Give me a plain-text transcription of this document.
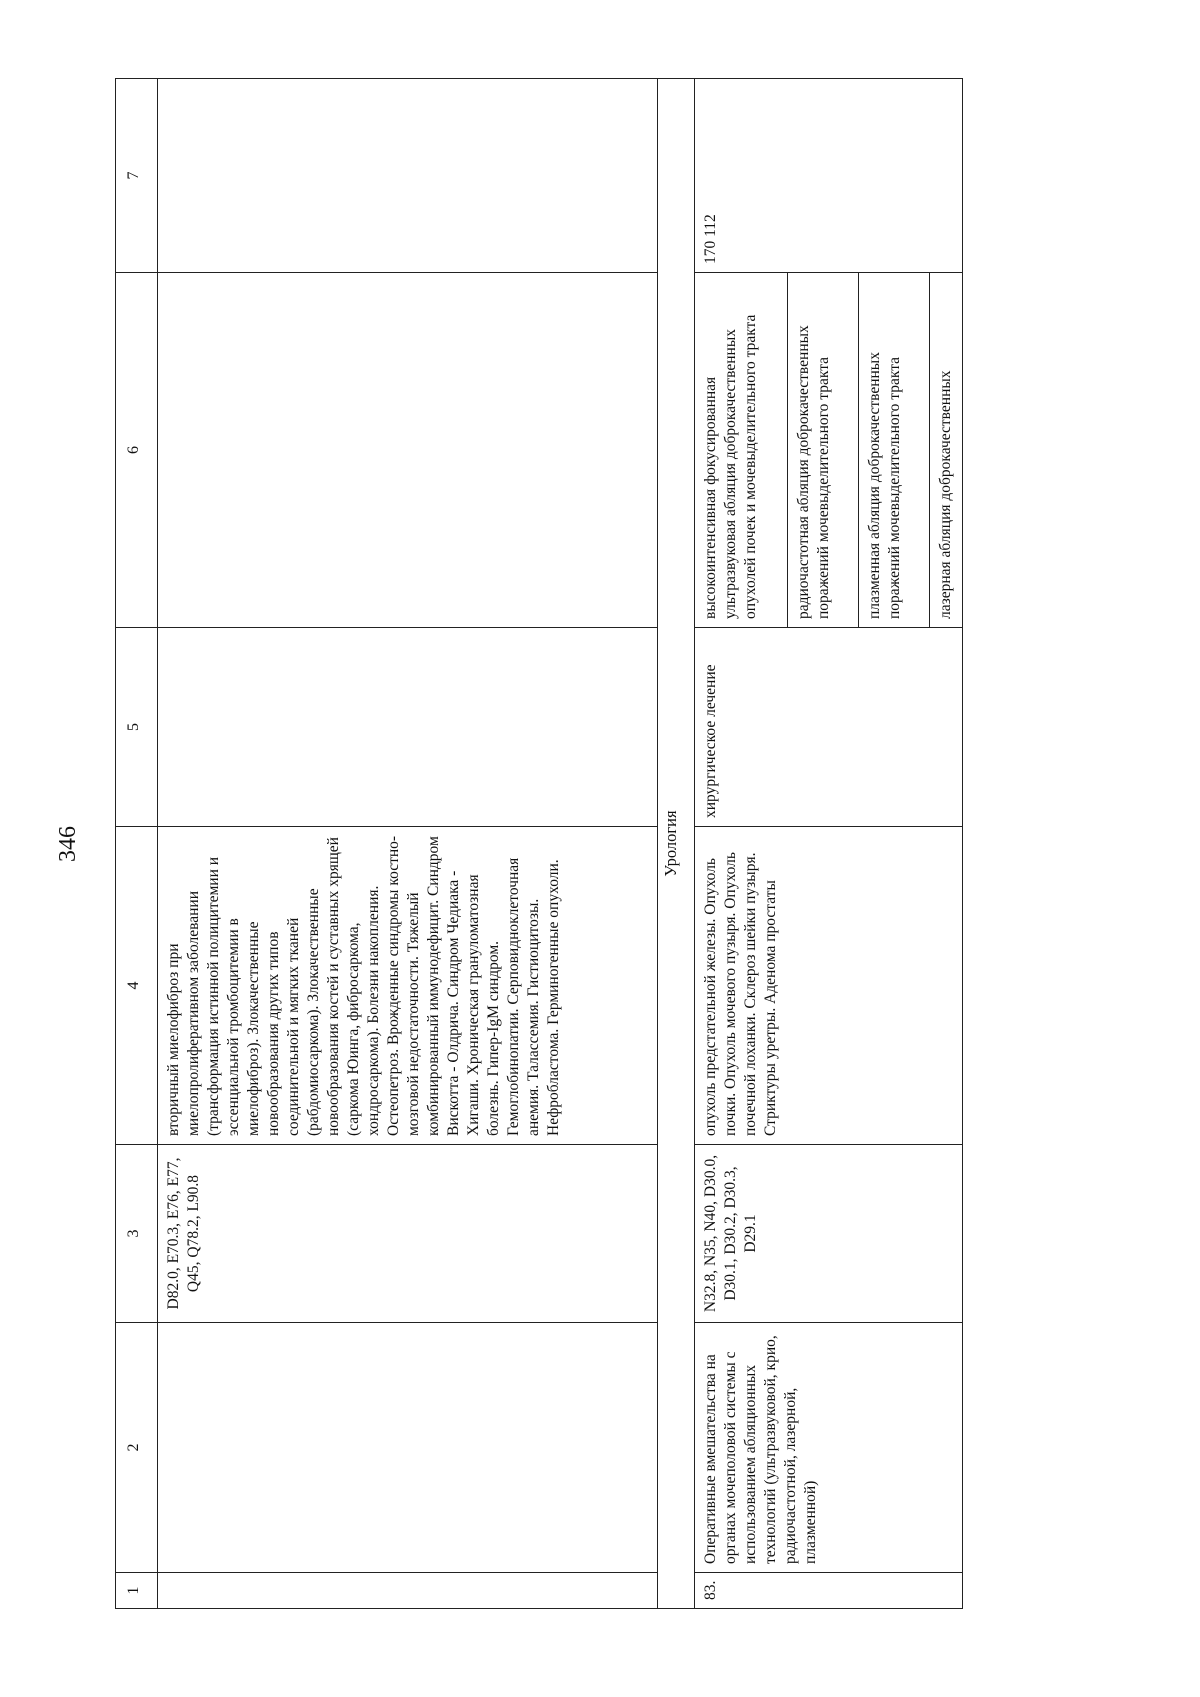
346
1	2	3	4	5	6	7
		D82.0, E70.3, E76, E77, Q45, Q78.2, L90.8	вторичный миелофиброз при миелопролиферативном заболевании (трансформация истинной полицитемии и эссенциальной тромбоцитемии в миелофиброз). Злокачественные новообразования других типов соединительной и мягких тканей (рабдомиосаркома). Злокачественные новообразования костей и суставных хрящей (саркома Юинга, фибросаркома, хондросаркома). Болезни накопления. Остеопетроз. Врожденные синдромы костно-мозговой недостаточности. Тяжелый комбинированный иммунодефицит. Синдром Вискотта - Олдрича. Синдром Чедиака - Хигаши. Хроническая грануломатозная болезнь. Гипер-IgM синдром. Гемоглобинопатии. Серповидноклеточная анемия. Талассемия. Гистиоцитозы. Нефробластома. Герминогенные опухоли.			
Урология						
83.	Оперативные вмешательства на органах мочеполовой системы с использованием абляционных технологий (ультразвуковой, крио, радиочастотной, лазерной, плазменной)	N32.8, N35, N40, D30.0, D30.1, D30.2, D30.3, D29.1	опухоль предстательной железы. Опухоль почки. Опухоль мочевого пузыря. Опухоль почечной лоханки. Склероз шейки пузыря. Стриктуры уретры. Аденома простаты	хирургическое лечение	высокоинтенсивная фокусированная ультразвуковая абляция доброкачественных опухолей почек и мочевыделительного тракта радиочастотная абляция доброкачественных поражений мочевыделительного тракта плазменная абляция доброкачественных поражений мочевыделительного тракта лазерная абляция доброкачественных	170 112
